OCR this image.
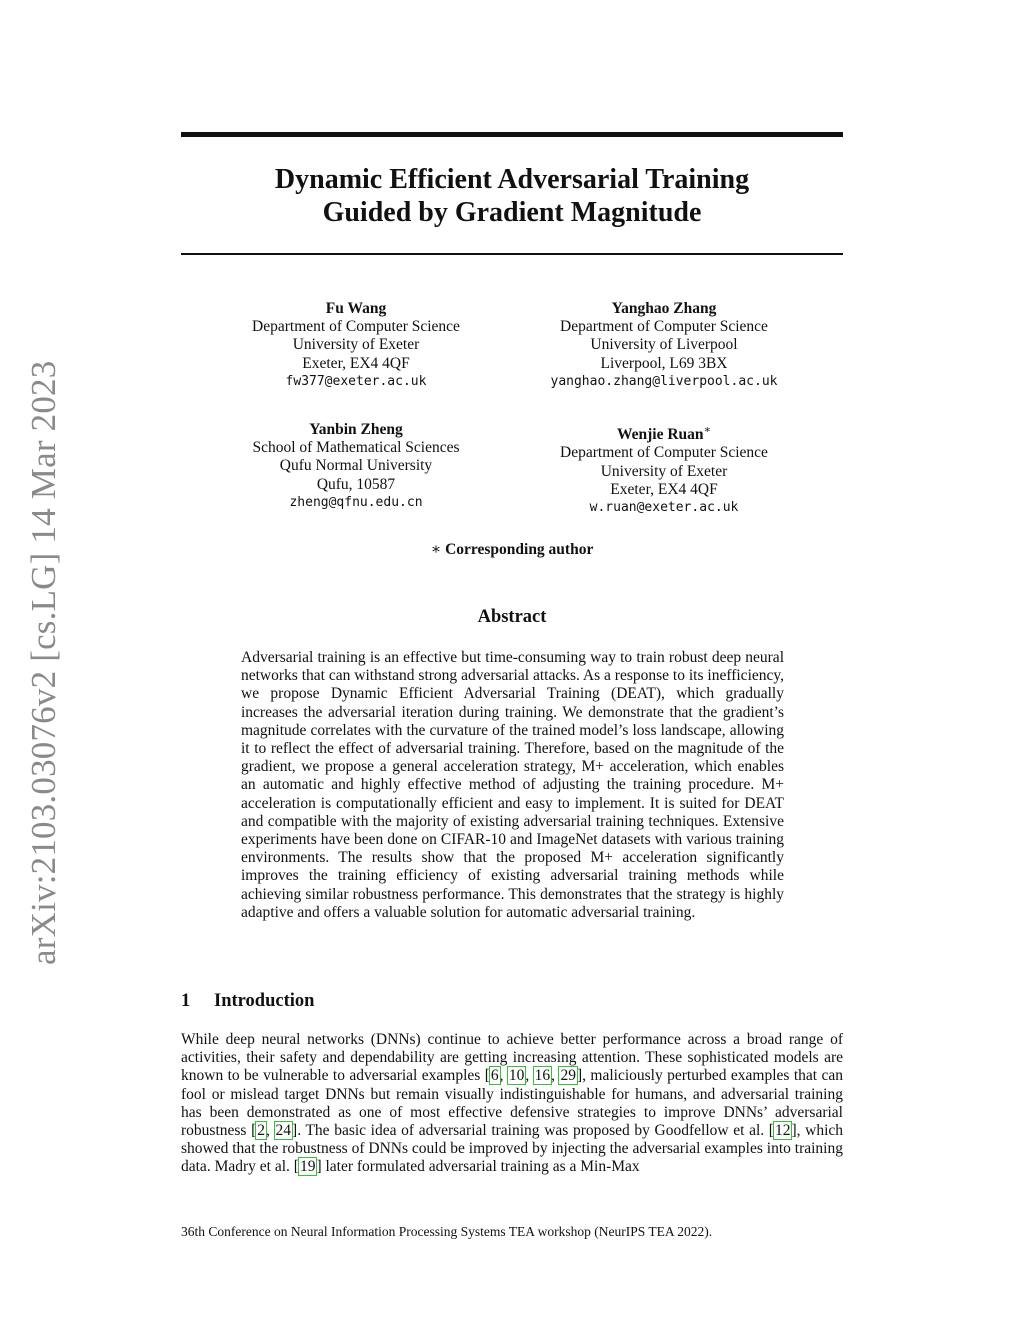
arXiv:2103.03076v2 [cs.LG] 14 Mar 2023
Dynamic Efficient Adversarial Training
Guided by Gradient Magnitude
Fu Wang
Department of Computer Science
University of Exeter
Exeter, EX4 4QF
fw377@exeter.ac.uk
Yanghao Zhang
Department of Computer Science
University of Liverpool
Liverpool, L69 3BX
yanghao.zhang@liverpool.ac.uk
Yanbin Zheng
School of Mathematical Sciences
Qufu Normal University
Qufu, 10587
zheng@qfnu.edu.cn
Wenjie Ruan∗
Department of Computer Science
University of Exeter
Exeter, EX4 4QF
w.ruan@exeter.ac.uk
∗ Corresponding author
Abstract
Adversarial training is an effective but time-consuming way to train robust deep neural networks that can withstand strong adversarial attacks. As a response to its inefficiency, we propose Dynamic Efficient Adversarial Training (DEAT), which gradually increases the adversarial iteration during training. We demonstrate that the gradient’s magnitude correlates with the curvature of the trained model’s loss landscape, allowing it to reflect the effect of adversarial training. Therefore, based on the magnitude of the gradient, we propose a general acceleration strategy, M+ acceleration, which enables an automatic and highly effective method of adjusting the training procedure. M+ acceleration is computationally efficient and easy to implement. It is suited for DEAT and compatible with the majority of existing adversarial training techniques. Extensive experiments have been done on CIFAR-10 and ImageNet datasets with various training environments. The results show that the proposed M+ acceleration significantly improves the training efficiency of existing adversarial training methods while achieving similar robustness performance. This demonstrates that the strategy is highly adaptive and offers a valuable solution for automatic adversarial training.
1 Introduction
While deep neural networks (DNNs) continue to achieve better performance across a broad range of activities, their safety and dependability are getting increasing attention. These sophisticated models are known to be vulnerable to adversarial examples [6, 10, 16, 29], maliciously perturbed examples that can fool or mislead target DNNs but remain visually indistinguishable for humans, and adversarial training has been demonstrated as one of most effective defensive strategies to improve DNNs’ adversarial robustness [2, 24]. The basic idea of adversarial training was proposed by Goodfellow et al. [12], which showed that the robustness of DNNs could be improved by injecting the adversarial examples into training data. Madry et al. [19] later formulated adversarial training as a Min-Max
36th Conference on Neural Information Processing Systems TEA workshop (NeurIPS TEA 2022).
